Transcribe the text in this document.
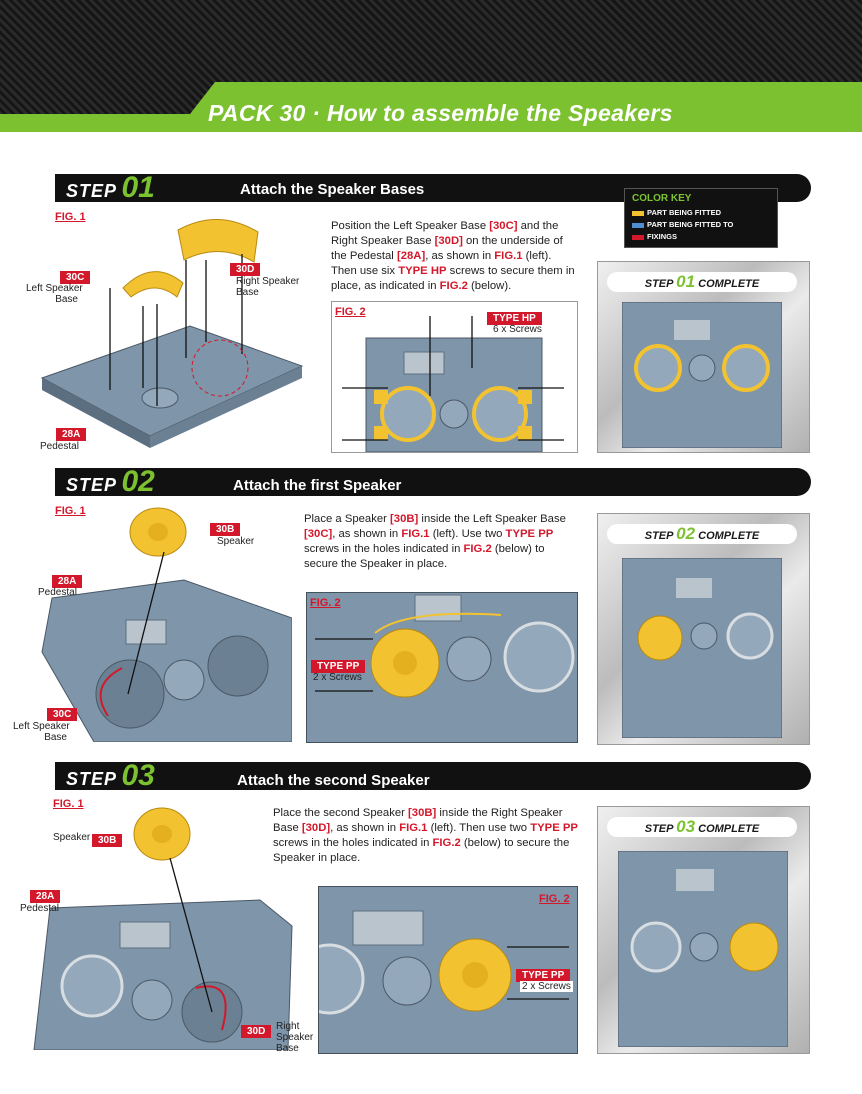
PACK 30 · How to assemble the Speakers
STEP 01	Attach the Speaker Bases
FIG. 1
30C
Left Speaker
Base
30D
Right Speaker
Base
28A
Pedestal
Position the Left Speaker Base [30C] and the Right Speaker Base [30D] on the underside of the Pedestal [28A], as shown in FIG.1 (left). Then use six TYPE HP screws to secure them in place, as indicated in FIG.2 (below).
FIG. 2
TYPE HP
6 x Screws
COLOR KEY
PART BEING FITTED
PART BEING FITTED TO
FIXINGS
STEP 01 COMPLETE
STEP 02	Attach the first Speaker
FIG. 1
30B
Speaker
28A
Pedestal
30C
Left Speaker
Base
Place a Speaker [30B] inside the Left Speaker Base [30C], as shown in FIG.1 (left). Use two TYPE PP screws in the holes indicated in FIG.2 (below) to secure the Speaker in place.
FIG. 2
TYPE PP
2 x Screws
STEP 02 COMPLETE
STEP 03	Attach the second Speaker
FIG. 1
Speaker 30B
28A
Pedestal
30D	Right
Speaker
Base
Place the second Speaker [30B] inside the Right Speaker Base [30D], as shown in FIG.1 (left). Then use two TYPE PP screws in the holes indicated in FIG.2 (below) to secure the Speaker in place.
FIG. 2
TYPE PP
2 x Screws
STEP 03 COMPLETE
